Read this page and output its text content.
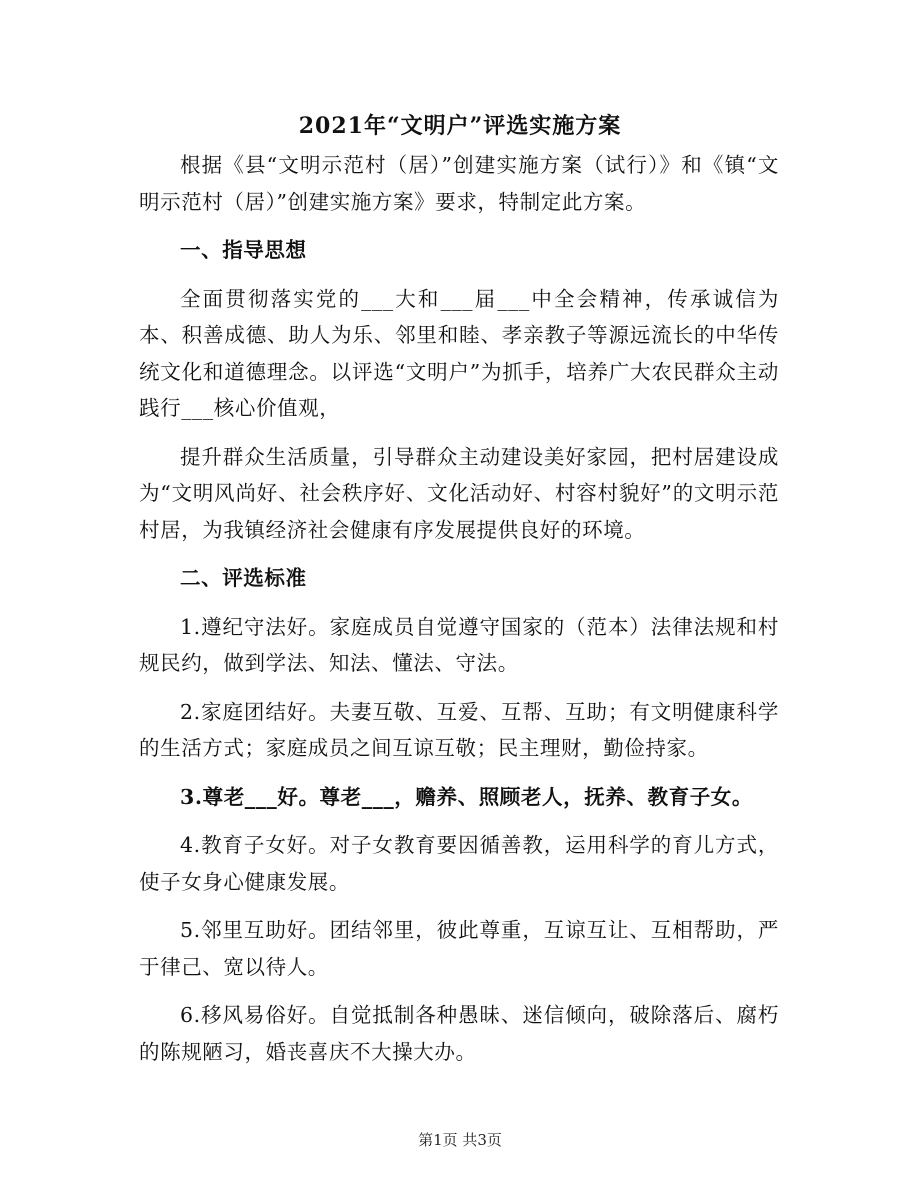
2021年“文明户”评选实施方案

根据《县“文明示范村（居）”创建实施方案（试行）》和《镇“文明示范村（居）”创建实施方案》要求，特制定此方案。

一、指导思想

全面贯彻落实党的___大和___届___中全会精神，传承诚信为本、积善成德、助人为乐、邻里和睦、孝亲教子等源远流长的中华传统文化和道德理念。以评选“文明户”为抓手，培养广大农民群众主动践行___核心价值观，

提升群众生活质量，引导群众主动建设美好家园，把村居建设成为“文明风尚好、社会秩序好、文化活动好、村容村貌好”的文明示范村居，为我镇经济社会健康有序发展提供良好的环境。

二、评选标准

1.遵纪守法好。家庭成员自觉遵守国家的（范本）法律法规和村规民约，做到学法、知法、懂法、守法。

2.家庭团结好。夫妻互敬、互爱、互帮、互助；有文明健康科学的生活方式；家庭成员之间互谅互敬；民主理财，勤俭持家。

3.尊老___好。尊老___，赡养、照顾老人，抚养、教育子女。

4.教育子女好。对子女教育要因循善教，运用科学的育儿方式，使子女身心健康发展。

5.邻里互助好。团结邻里，彼此尊重，互谅互让、互相帮助，严于律己、宽以待人。

6.移风易俗好。自觉抵制各种愚昧、迷信倾向，破除落后、腐朽的陈规陋习，婚丧喜庆不大操大办。

第1页 共3页
